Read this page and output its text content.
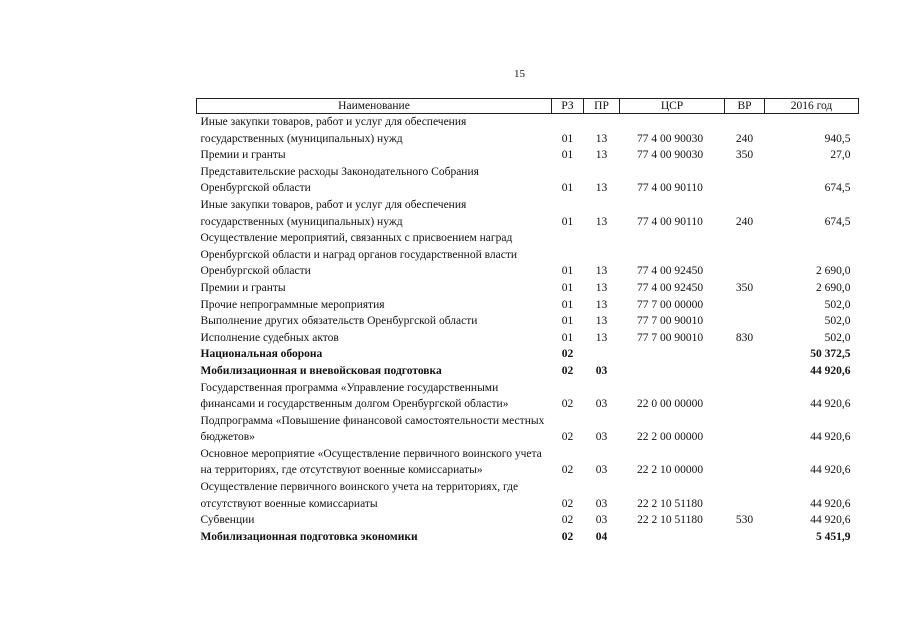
15
Наименование	РЗ	ПР	ЦСР	ВР	2016 год
Иные закупки товаров, работ и услуг для обеспечения государственных (муниципальных) нужд	01	13	77 4 00 90030	240	940,5
Премии и гранты	01	13	77 4 00 90030	350	27,0
Представительские расходы Законодательного Собрания Оренбургской области	01	13	77 4 00 90110		674,5
Иные закупки товаров, работ и услуг для обеспечения государственных (муниципальных) нужд	01	13	77 4 00 90110	240	674,5
Осуществление мероприятий, связанных с присвоением наград Оренбургской области и наград органов государственной власти Оренбургской области	01	13	77 4 00 92450		2 690,0
Премии и гранты	01	13	77 4 00 92450	350	2 690,0
Прочие непрограммные мероприятия	01	13	77 7 00 00000		502,0
Выполнение других обязательств Оренбургской области	01	13	77 7 00 90010		502,0
Исполнение судебных актов	01	13	77 7 00 90010	830	502,0
Национальная оборона	02				50 372,5
Мобилизационная и вневойсковая подготовка	02	03			44 920,6
Государственная программа «Управление государственными финансами и государственным долгом Оренбургской области»	02	03	22 0 00 00000		44 920,6
Подпрограмма «Повышение финансовой самостоятельности местных бюджетов»	02	03	22 2 00 00000		44 920,6
Основное мероприятие «Осуществление первичного воинского учета на территориях, где отсутствуют военные комиссариаты»	02	03	22 2 10 00000		44 920,6
Осуществление первичного воинского учета на территориях, где отсутствуют военные комиссариаты	02	03	22 2 10 51180		44 920,6
Субвенции	02	03	22 2 10 51180	530	44 920,6
Мобилизационная подготовка экономики	02	04			5 451,9
